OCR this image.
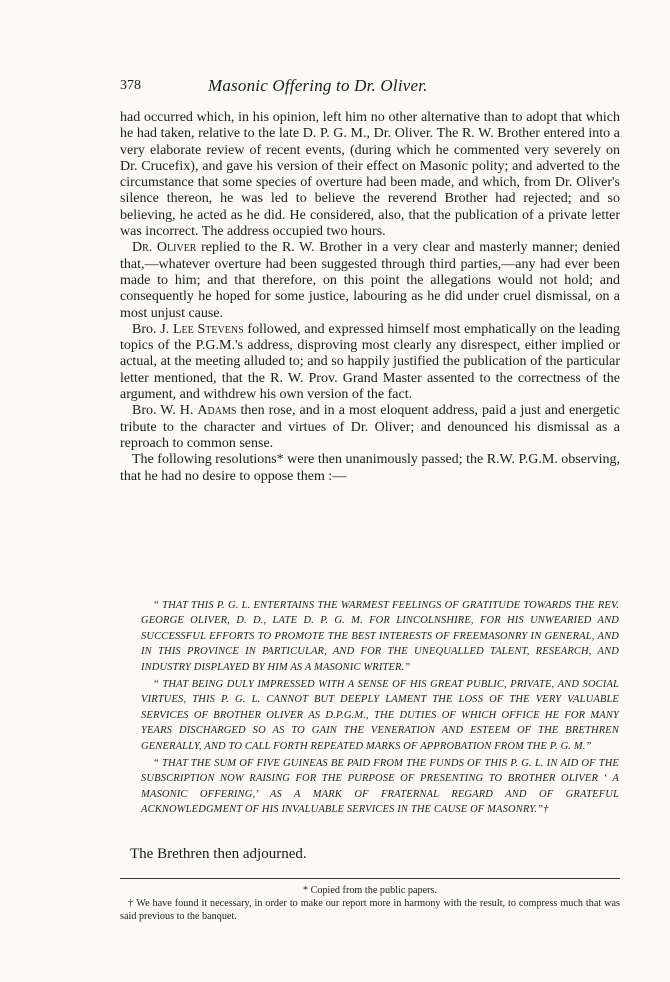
378	Masonic Offering to Dr. Oliver.

had occurred which, in his opinion, left him no other alternative than to adopt that which he had taken, relative to the late D. P. G. M., Dr. Oliver. The R. W. Brother entered into a very elaborate review of recent events, (during which he commented very severely on Dr. Crucefix), and gave his version of their effect on Masonic polity; and adverted to the circumstance that some species of overture had been made, and which, from Dr. Oliver's silence thereon, he was led to believe the reverend Brother had rejected; and so believing, he acted as he did. He considered, also, that the publication of a private letter was incorrect. The address occupied two hours.

Dr. Oliver replied to the R. W. Brother in a very clear and masterly manner; denied that,—whatever overture had been suggested through third parties,—any had ever been made to him; and that therefore, on this point the allegations would not hold; and consequently he hoped for some justice, labouring as he did under cruel dismissal, on a most unjust cause.

Bro. J. Lee Stevens followed, and expressed himself most emphatically on the leading topics of the P.G.M.'s address, disproving most clearly any disrespect, either implied or actual, at the meeting alluded to; and so happily justified the publication of the particular letter mentioned, that the R. W. Prov. Grand Master assented to the correctness of the argument, and withdrew his own version of the fact.

Bro. W. H. Adams then rose, and in a most eloquent address, paid a just and energetic tribute to the character and virtues of Dr. Oliver; and denounced his dismissal as a reproach to common sense.

The following resolutions* were then unanimously passed; the R.W. P.G.M. observing, that he had no desire to oppose them :—

“ THAT THIS P. G. L. ENTERTAINS THE WARMEST FEELINGS OF GRATITUDE TOWARDS THE REV. GEORGE OLIVER, D. D., LATE D. P. G. M. FOR LINCOLNSHIRE, FOR HIS UNWEARIED AND SUCCESSFUL EFFORTS TO PROMOTE THE BEST INTERESTS OF FREEMASONRY IN GENERAL, AND IN THIS PROVINCE IN PARTICULAR, AND FOR THE UNEQUALLED TALENT, RESEARCH, AND INDUSTRY DISPLAYED BY HIM AS A MASONIC WRITER.”

“ THAT BEING DULY IMPRESSED WITH A SENSE OF HIS GREAT PUBLIC, PRIVATE, AND SOCIAL VIRTUES, THIS P. G. L. CANNOT BUT DEEPLY LAMENT THE LOSS OF THE VERY VALUABLE SERVICES OF BROTHER OLIVER AS D.P.G.M., THE DUTIES OF WHICH OFFICE HE FOR MANY YEARS DISCHARGED SO AS TO GAIN THE VENERATION AND ESTEEM OF THE BRETHREN GENERALLY, AND TO CALL FORTH REPEATED MARKS OF APPROBATION FROM THE P. G. M.”

“ THAT THE SUM OF FIVE GUINEAS BE PAID FROM THE FUNDS OF THIS P. G. L. IN AID OF THE SUBSCRIPTION NOW RAISING FOR THE PURPOSE OF PRESENTING TO BROTHER OLIVER ‘ A MASONIC OFFERING,’ AS A MARK OF FRATERNAL REGARD AND OF GRATEFUL ACKNOWLEDGMENT OF HIS INVALUABLE SERVICES IN THE CAUSE OF MASONRY.”†

The Brethren then adjourned.

* Copied from the public papers.

† We have found it necessary, in order to make our report more in harmony with the result, to compress much that was said previous to the banquet.
